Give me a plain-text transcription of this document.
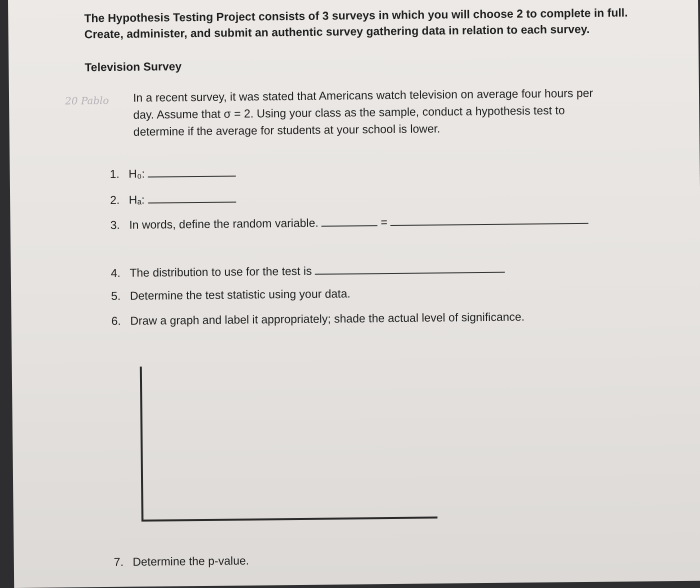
The Hypothesis Testing Project consists of 3 surveys in which you will choose 2 to complete in full.
Create, administer, and submit an authentic survey gathering data in relation to each survey.
Television Survey
20 Pablo In a recent survey, it was stated that Americans watch television on average four hours per
day. Assume that σ = 2. Using your class as the sample, conduct a hypothesis test to
determine if the average for students at your school is lower.
1. H₀:
2. Hₐ:
3. In words, define the random variable.	=
4. The distribution to use for the test is
5. Determine the test statistic using your data.
6. Draw a graph and label it appropriately; shade the actual level of significance.
7. Determine the p-value.
